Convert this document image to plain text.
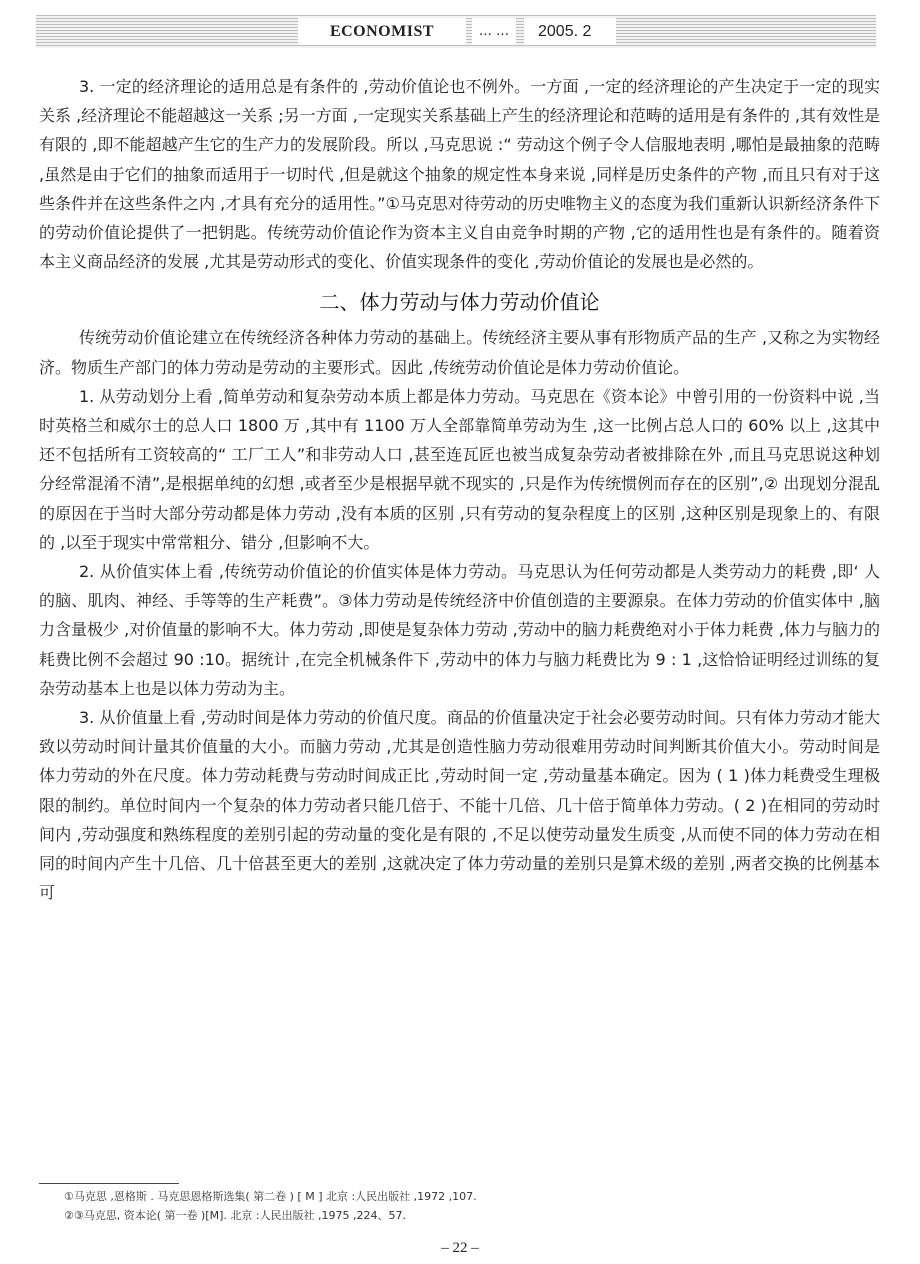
ECONOMIST	… …	2005. 2

3. 一定的经济理论的适用总是有条件的 ,劳动价值论也不例外。一方面 ,一定的经济理论的产生决定于一定的现实关系 ,经济理论不能超越这一关系 ;另一方面 ,一定现实关系基础上产生的经济理论和范畴的适用是有条件的 ,其有效性是有限的 ,即不能超越产生它的生产力的发展阶段。所以 ,马克思说 :“ 劳动这个例子令人信服地表明 ,哪怕是最抽象的范畴 ,虽然是由于它们的抽象而适用于一切时代 ,但是就这个抽象的规定性本身来说 ,同样是历史条件的产物 ,而且只有对于这些条件并在这些条件之内 ,才具有充分的适用性。”①马克思对待劳动的历史唯物主义的态度为我们重新认识新经济条件下的劳动价值论提供了一把钥匙。传统劳动价值论作为资本主义自由竞争时期的产物 ,它的适用性也是有条件的。随着资本主义商品经济的发展 ,尤其是劳动形式的变化、价值实现条件的变化 ,劳动价值论的发展也是必然的。

二、体力劳动与体力劳动价值论

传统劳动价值论建立在传统经济各种体力劳动的基础上。传统经济主要从事有形物质产品的生产 ,又称之为实物经济。物质生产部门的体力劳动是劳动的主要形式。因此 ,传统劳动价值论是体力劳动价值论。

1. 从劳动划分上看 ,简单劳动和复杂劳动本质上都是体力劳动。马克思在《资本论》中曾引用的一份资料中说 ,当时英格兰和威尔士的总人口 1800 万 ,其中有 1100 万人全部靠简单劳动为生 ,这一比例占总人口的 60% 以上 ,这其中还不包括所有工资较高的“ 工厂工人”和非劳动人口 ,甚至连瓦匠也被当成复杂劳动者被排除在外 ,而且马克思说这种划分经常混淆不清”,是根据单纯的幻想 ,或者至少是根据早就不现实的 ,只是作为传统惯例而存在的区别”,② 出现划分混乱的原因在于当时大部分劳动都是体力劳动 ,没有本质的区别 ,只有劳动的复杂程度上的区别 ,这种区别是现象上的、有限的 ,以至于现实中常常粗分、错分 ,但影响不大。

2. 从价值实体上看 ,传统劳动价值论的价值实体是体力劳动。马克思认为任何劳动都是人类劳动力的耗费 ,即‘ 人的脑、肌肉、神经、手等等的生产耗费”。③体力劳动是传统经济中价值创造的主要源泉。在体力劳动的价值实体中 ,脑力含量极少 ,对价值量的影响不大。体力劳动 ,即使是复杂体力劳动 ,劳动中的脑力耗费绝对小于体力耗费 ,体力与脑力的耗费比例不会超过 90 :10。据统计 ,在完全机械条件下 ,劳动中的体力与脑力耗费比为 9 : 1 ,这恰恰证明经过训练的复杂劳动基本上也是以体力劳动为主。

3. 从价值量上看 ,劳动时间是体力劳动的价值尺度。商品的价值量决定于社会必要劳动时间。只有体力劳动才能大致以劳动时间计量其价值量的大小。而脑力劳动 ,尤其是创造性脑力劳动很难用劳动时间判断其价值大小。劳动时间是体力劳动的外在尺度。体力劳动耗费与劳动时间成正比 ,劳动时间一定 ,劳动量基本确定。因为 ( 1 )体力耗费受生理极限的制约。单位时间内一个复杂的体力劳动者只能几倍于、不能十几倍、几十倍于简单体力劳动。( 2 )在相同的劳动时间内 ,劳动强度和熟练程度的差别引起的劳动量的变化是有限的 ,不足以使劳动量发生质变 ,从而使不同的体力劳动在相同的时间内产生十几倍、几十倍甚至更大的差别 ,这就决定了体力劳动量的差别只是算术级的差别 ,两者交换的比例基本可

①马克思 ,恩格斯 . 马克思恩格斯选集( 第二卷 ) [ M ] 北京 :人民出版社 ,1972 ,107.
②③马克思, 资本论( 第一卷 )[M]. 北京 :人民出版社 ,1975 ,224、57.
– 22 –
